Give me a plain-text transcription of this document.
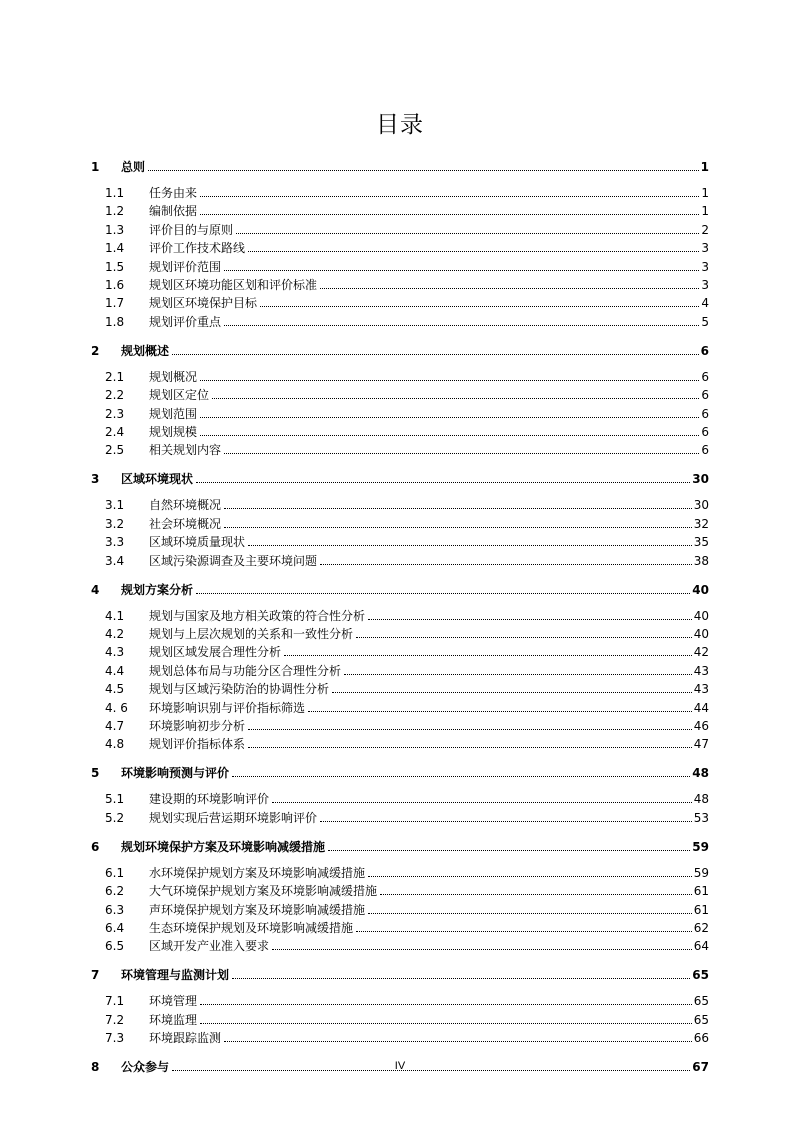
目录
1	总则	1
1.1	任务由来	1
1.2	编制依据	1
1.3	评价目的与原则	2
1.4	评价工作技术路线	3
1.5	规划评价范围	3
1.6	规划区环境功能区划和评价标准	3
1.7	规划区环境保护目标	4
1.8	规划评价重点	5
2	规划概述	6
2.1	规划概况	6
2.2	规划区定位	6
2.3	规划范围	6
2.4	规划规模	6
2.5	相关规划内容	6
3	区域环境现状	30
3.1	自然环境概况	30
3.2	社会环境概况	32
3.3	区域环境质量现状	35
3.4	区域污染源调查及主要环境问题	38
4	规划方案分析	40
4.1	规划与国家及地方相关政策的符合性分析	40
4.2	规划与上层次规划的关系和一致性分析	40
4.3	规划区域发展合理性分析	42
4.4	规划总体布局与功能分区合理性分析	43
4.5	规划与区域污染防治的协调性分析	43
4. 6	环境影响识别与评价指标筛选	44
4.7	环境影响初步分析	46
4.8	规划评价指标体系	47
5	环境影响预测与评价	48
5.1	建设期的环境影响评价	48
5.2	规划实现后营运期环境影响评价	53
6	规划环境保护方案及环境影响减缓措施	59
6.1	水环境保护规划方案及环境影响减缓措施	59
6.2	大气环境保护规划方案及环境影响减缓措施	61
6.3	声环境保护规划方案及环境影响减缓措施	61
6.4	生态环境保护规划及环境影响减缓措施	62
6.5	区域开发产业准入要求	64
7	环境管理与监测计划	65
7.1	环境管理	65
7.2	环境监理	65
7.3	环境跟踪监测	66
8	公众参与	67
IV
